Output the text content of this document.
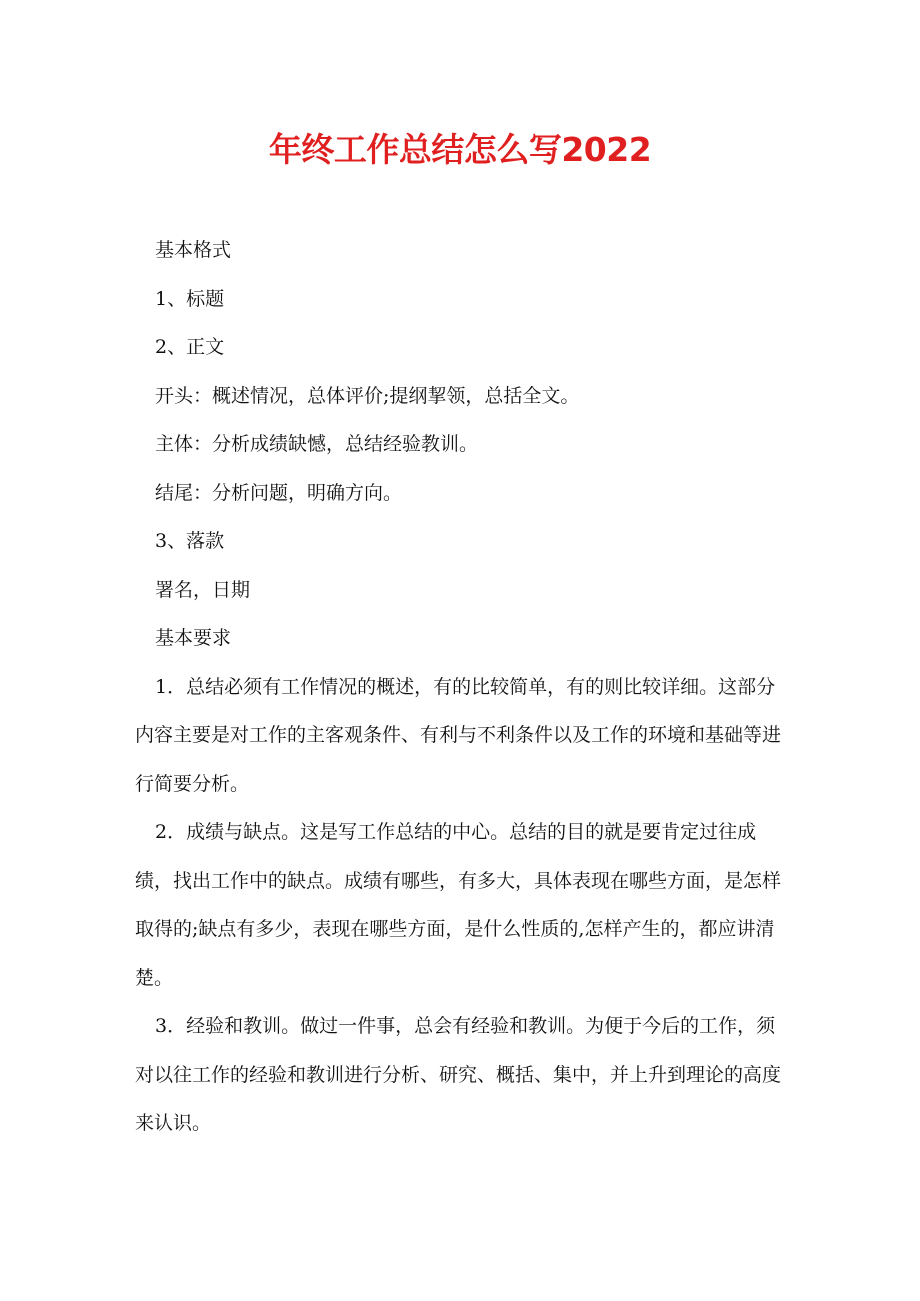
年终工作总结怎么写2022

基本格式

1、标题

2、正文

开头：概述情况，总体评价;提纲挈领，总括全文。

主体：分析成绩缺憾，总结经验教训。

结尾：分析问题，明确方向。

3、落款

署名，日期

基本要求

1．总结必须有工作情况的概述，有的比较简单，有的则比较详细。这部分内容主要是对工作的主客观条件、有利与不利条件以及工作的环境和基础等进行简要分析。

2．成绩与缺点。这是写工作总结的中心。总结的目的就是要肯定过往成绩，找出工作中的缺点。成绩有哪些，有多大，具体表现在哪些方面，是怎样取得的;缺点有多少，表现在哪些方面，是什么性质的,怎样产生的，都应讲清楚。

3．经验和教训。做过一件事，总会有经验和教训。为便于今后的工作，须对以往工作的经验和教训进行分析、研究、概括、集中，并上升到理论的高度来认识。
